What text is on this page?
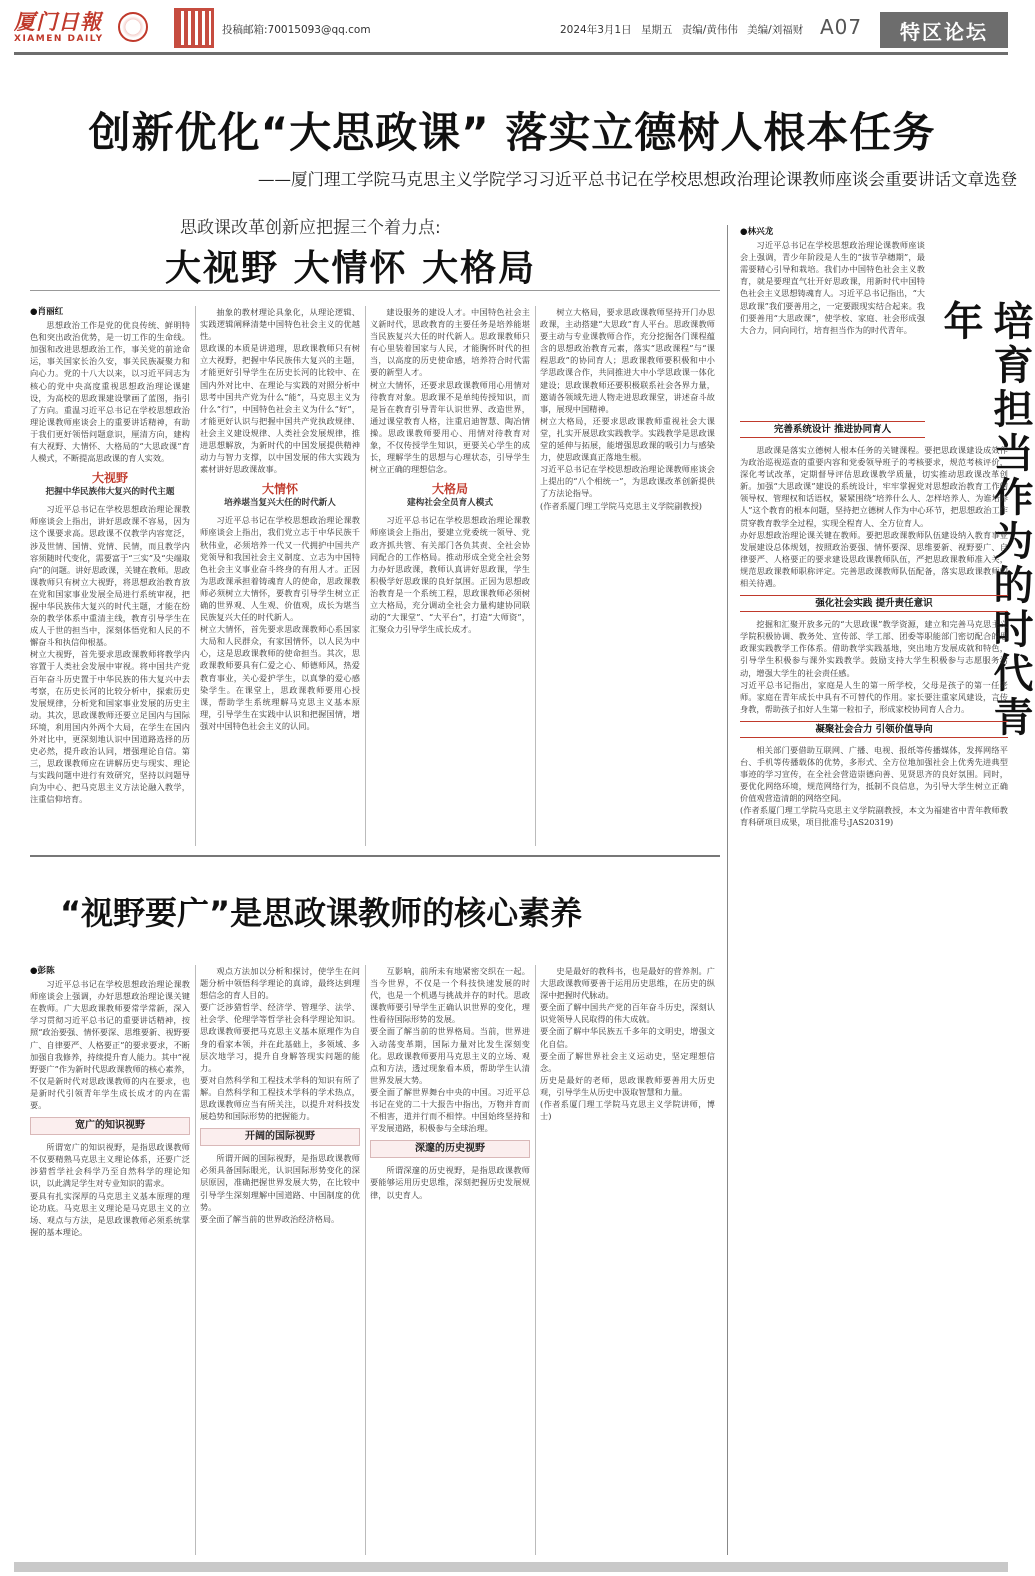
厦门日報
XIAMEN DAILY
投稿邮箱:70015093@qq.com	2024年3月1日 星期五 责编/黄伟伟 美编/刘福财 A07 特区论坛
创新优化“大思政课” 落实立德树人根本任务
——厦门理工学院马克思主义学院学习习近平总书记在学校思想政治理论课教师座谈会重要讲话文章选登
思政课改革创新应把握三个着力点:
大视野 大情怀 大格局
●肖丽红

思想政治工作是党的优良传统、鲜明特色和突出政治优势，是一切工作的生命线。加强和改进思想政治工作，事关党的前途命运，事关国家长治久安，事关民族凝聚力和向心力。党的十八大以来，以习近平同志为核心的党中央高度重视思想政治理论课建设，为高校的思政课建设擘画了蓝图，指引了方向。重温习近平总书记在学校思想政治理论课教师座谈会上的重要讲话精神，有助于我们更好领悟问题意识，厘清方向，建构有大视野、大情怀、大格局的“大思政课”育人模式，不断提高思政课的育人实效。

大视野
把握中华民族伟大复兴的时代主题

习近平总书记在学校思想政治理论课教师座谈会上指出，讲好思政课不容易，因为这个课要求高。思政课不仅教学内容宽泛，涉及世情、国情、党情、民情，而且教学内容须随时代变化，需要富于“三实”及“尖端取向”的问题。讲好思政课，关键在教师。思政课教师只有树立大视野，将思想政治教育放在党和国家事业发展全局进行系统审视，把握中华民族伟大复兴的时代主题，才能在纷杂的教学体系中重清主线，教育引导学生在成人于世的担当中，深刻体悟党和人民的不懈奋斗和执信仰根基。
树立大视野，首先要求思政课教师将教学内容置于人类社会发展中审视。将中国共产党百年奋斗历史置于中华民族的伟大复兴中去考察，在历史长河的比较分析中，探索历史发展规律，分析党和国家事业发展的历史主动。其次，思政课教师还要立足国内与国际环境，利用国内外两个大局，在学生在国内外对比中，更深刻地认识中国道路选择的历史必然，提升政治认同，增强理论自信。第三，思政课教师应在讲解历史与现实、理论与实践问题中进行有效研究，坚持以问题导向为中心、把马克思主义方法论融入教学，注重信仰培育。

抽象的教材理论具象化，从理论逻辑、实践逻辑阐释清楚中国特色社会主义的优越性。
思政课的本质是讲道理，思政课教师只有树立大视野，把握中华民族伟大复兴的主题，才能更好引导学生在历史长河的比较中、在国内外对比中、在理论与实践的对照分析中思考中国共产党为什么“能”，马克思主义为什么“行”，中国特色社会主义为什么“好”，才能更好认识与把握中国共产党执政规律、社会主义建设规律、人类社会发展规律，推进思想解放，为新时代的中国发展提供精神动力与智力支撑，以中国发展的伟大实践为素材讲好思政课故事。

大情怀
培养堪当复兴大任的时代新人

习近平总书记在学校思想政治理论课教师座谈会上指出，我们党立志于中华民族千秋伟业，必须培养一代又一代拥护中国共产党领导和我国社会主义制度、立志为中国特色社会主义事业奋斗终身的有用人才。正因为思政课承担着铸魂育人的使命，思政课教师必须树立大情怀，要教育引导学生树立正确的世界观、人生观、价值观，成长为堪当民族复兴大任的时代新人。
树立大情怀，首先要求思政课教师心系国家大局和人民群众，有家国情怀，以人民为中心，这是思政课教师的使命担当。其次，思政课教师要具有仁爱之心、师德师风，热爱教育事业，关心爱护学生，以真挚的爱心感染学生。在课堂上，思政课教师要用心授课，帮助学生系统理解马克思主义基本原理，引导学生在实践中认识和把握国情，增强对中国特色社会主义的认同。

建设服务的建设人才。中国特色社会主义新时代，思政教育的主要任务是培养能堪当民族复兴大任的时代新人。思政课教师只有心里装着国家与人民，才能胸怀时代的担当，以高度的历史使命感，培养符合时代需要的新型人才。
树立大情怀，还要求思政课教师用心用情对待教育对象。思政课不是单纯传授知识，而是旨在教育引导青年认识世界、改造世界，通过课堂教育人格，注重启迪智慧、陶冶情操。思政课教师要用心、用情对待教育对象，不仅传授学生知识，更要关心学生的成长，理解学生的思想与心理状态，引导学生树立正确的理想信念。

大格局
建构社会全员育人模式

习近平总书记在学校思想政治理论课教师座谈会上指出，要建立党委统一领导、党政齐抓共管、有关部门各负其责、全社会协同配合的工作格局。推动形成全党全社会努力办好思政课，教师认真讲好思政课，学生积极学好思政课的良好氛围。正因为思想政治教育是一个系统工程，思政课教师必须树立大格局，充分调动全社会力量构建协同联动的“大课堂”、“大平台”，打造“大师资”，汇聚众力引导学生成长成才。

树立大格局，要求思政课教师坚持开门办思政课，主动搭建“大思政”育人平台。思政课教师要主动与专业课教师合作，充分挖掘各门课程蕴含的思想政治教育元素，落实“思政课程”与“课程思政”的协同育人；思政课教师要积极和中小学思政课合作，共同推进大中小学思政课一体化建设；思政课教师还要积极联系社会各界力量，邀请各领域先进人物走进思政课堂，讲述奋斗故事，展现中国精神。
树立大格局，还要求思政课教师重视社会大课堂，扎实开展思政实践教学。实践教学是思政课堂的延伸与拓展，能增强思政课的吸引力与感染力，使思政课真正落地生根。
习近平总书记在学校思想政治理论课教师座谈会上提出的“八个相统一”，为思政课改革创新提供了方法论指导。
(作者系厦门理工学院马克思主义学院副教授)

“视野要广”是思政课教师的核心素养
●彭陈

习近平总书记在学校思想政治理论课教师座谈会上强调，办好思想政治理论课关键在教师。广大思政课教师要常学常新，深入学习贯彻习近平总书记的重要讲话精神，按照“政治要强、情怀要深、思维要新、视野要广、自律要严、人格要正”的要求要求，不断加强自我修养，持续提升育人能力。其中“视野要广”作为新时代思政课教师的核心素养，不仅是新时代对思政课教师的内在要求，也是新时代引领青年学生成长成才的内在需要。

宽广的知识视野

所谓宽广的知识视野，是指思政课教师不仅要精熟马克思主义理论体系，还要广泛涉猎哲学社会科学乃至自然科学的理论知识，以此满足学生对专业知识的需求。
要具有扎实深厚的马克思主义基本原理的理论功底。马克思主义理论是马克思主义的立场、观点与方法，是思政课教师必须系统掌握的基本理论。

观点方法加以分析和探讨，使学生在问题分析中领悟科学理论的真谛，最终达到理想信念的育人目的。
要广泛涉猎哲学、经济学、管理学、法学、社会学、伦理学等哲学社会科学理论知识。思政课教师要把马克思主义基本原理作为自身的看家本领，并在此基础上，多领域、多层次地学习，提升自身解答现实问题的能力。
要对自然科学和工程技术学科的知识有所了解。自然科学和工程技术学科的学术热点，思政课教师应当有所关注，以提升对科技发展趋势和国际形势的把握能力。

开阔的国际视野

所谓开阔的国际视野，是指思政课教师必须具备国际眼光，认识国际形势变化的深层原因，准确把握世界发展大势，在比较中引导学生深刻理解中国道路、中国制度的优势。
要全面了解当前的世界政治经济格局。

互影响，前所未有地紧密交织在一起。当今世界，不仅是一个科技快速发展的时代，也是一个机遇与挑战并存的时代。思政课教师要引导学生正确认识世界的变化，理性看待国际形势的发展。
要全面了解当前的世界格局。当前，世界进入动荡变革期，国际力量对比发生深刻变化。思政课教师要用马克思主义的立场、观点和方法，透过现象看本质，帮助学生认清世界发展大势。
要全面了解世界舞台中央的中国。习近平总书记在党的二十大报告中指出，万物并育而不相害，道并行而不相悖。中国始终坚持和平发展道路，积极参与全球治理。

深邃的历史视野

所谓深邃的历史视野，是指思政课教师要能够运用历史思维，深刻把握历史发展规律，以史育人。

史是最好的教科书，也是最好的营养剂。广大思政课教师要善于运用历史思维，在历史的纵深中把握时代脉动。
要全面了解中国共产党的百年奋斗历史，深刻认识党领导人民取得的伟大成就。
要全面了解中华民族五千多年的文明史，增强文化自信。
要全面了解世界社会主义运动史，坚定理想信念。
历史是最好的老师，思政课教师要善用大历史观，引导学生从历史中汲取智慧和力量。
(作者系厦门理工学院马克思主义学院讲师，博士)

培育担当作为的时代青年
●林兴龙

习近平总书记在学校思想政治理论课教师座谈会上强调，青少年阶段是人生的“拔节孕穗期”，最需要精心引导和栽培。我们办中国特色社会主义教育，就是要理直气壮开好思政课，用新时代中国特色社会主义思想铸魂育人。习近平总书记指出，“大思政课”我们要善用之，一定要跟现实结合起来。我们要善用“大思政课”，使学校、家庭、社会形成强大合力，同向同行，培育担当作为的时代青年。

完善系统设计 推进协同育人

思政课是落实立德树人根本任务的关键课程。要把思政课建设成效作为政治巡视巡查的重要内容和党委领导班子的考核要求，规范考核评价，深化考试改革，定期督导评估思政课教学质量，切实推动思政课改革创新。加强“大思政课”建设的系统设计，牢牢掌握党对思想政治教育工作的领导权、管理权和话语权，紧紧围绕“培养什么人、怎样培养人、为谁培养人”这个教育的根本问题，坚持把立德树人作为中心环节，把思想政治工作贯穿教育教学全过程，实现全程育人、全方位育人。
办好思想政治理论课关键在教师。要把思政课教师队伍建设纳入教育事业发展建设总体规划，按照政治要强、情怀要深、思维要新、视野要广、自律要严、人格要正的要求建设思政课教师队伍，严把思政课教师准入关，规范思政课教师职称评定。完善思政课教师队伍配备，落实思政课教师的相关待遇。

强化社会实践 提升责任意识

挖掘和汇聚开放多元的“大思政课”教学资源，建立和完善马克思主义学院积极协调、教务处、宣传部、学工部、团委等职能部门密切配合的思政课实践教学工作体系。借助教学实践基地，突出地方发展成就和特色，引导学生积极参与课外实践教学。鼓励支持大学生积极参与志愿服务活动，增强大学生的社会责任感。
习近平总书记指出，家庭是人生的第一所学校，父母是孩子的第一任老师。家庭在青年成长中具有不可替代的作用。家长要注重家风建设，言传身教，帮助孩子扣好人生第一粒扣子，形成家校协同育人合力。

凝聚社会合力 引领价值导向

相关部门要借助互联网、广播、电视、报纸等传播媒体，发挥网络平台、手机等传播载体的优势，多形式、全方位地加强社会上优秀先进典型事迹的学习宣传，在全社会营造崇德向善、见贤思齐的良好氛围。同时，要优化网络环境，规范网络行为，抵制不良信息，为引导大学生树立正确价值观营造清朗的网络空间。
(作者系厦门理工学院马克思主义学院副教授，本文为福建省中青年教师教育科研项目成果，项目批准号:JAS20319)
